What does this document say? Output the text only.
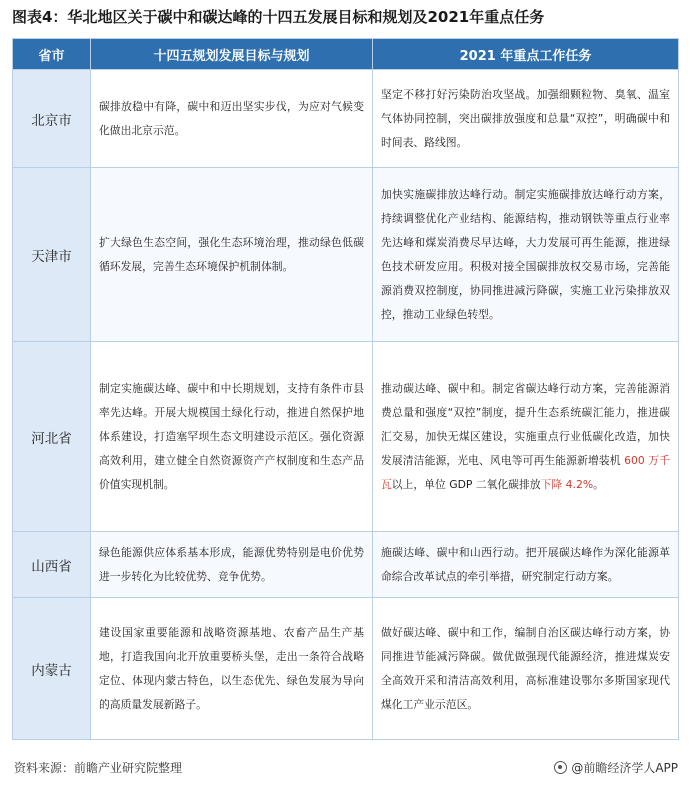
图表4：华北地区关于碳中和碳达峰的十四五发展目标和规划及2021年重点任务
省市	十四五规划发展目标与规划	2021 年重点工作任务
北京市	碳排放稳中有降，碳中和迈出坚实步伐，为应对气候变化做出北京示范。	坚定不移打好污染防治攻坚战。加强细颗粒物、臭氧、温室气体协同控制，突出碳排放强度和总量“双控”，明确碳中和时间表、路线图。
天津市	扩大绿色生态空间，强化生态环境治理，推动绿色低碳循环发展，完善生态环境保护机制体制。	加快实施碳排放达峰行动。制定实施碳排放达峰行动方案，持续调整优化产业结构、能源结构，推动钢铁等重点行业率先达峰和煤炭消费尽早达峰，大力发展可再生能源，推进绿色技术研发应用。积极对接全国碳排放权交易市场，完善能源消费双控制度，协同推进减污降碳，实施工业污染排放双控，推动工业绿色转型。
河北省	制定实施碳达峰、碳中和中长期规划，支持有条件市县率先达峰。开展大规模国土绿化行动，推进自然保护地体系建设，打造塞罕坝生态文明建设示范区。强化资源高效利用，建立健全自然资源资产产权制度和生态产品价值实现机制。	推动碳达峰、碳中和。制定省碳达峰行动方案，完善能源消费总量和强度“双控”制度，提升生态系统碳汇能力，推进碳汇交易，加快无煤区建设，实施重点行业低碳化改造，加快发展清洁能源，光电、风电等可再生能源新增装机 600 万千瓦以上，单位 GDP 二氧化碳排放下降 4.2%。
山西省	绿色能源供应体系基本形成，能源优势特别是电价优势进一步转化为比较优势、竞争优势。	施碳达峰、碳中和山西行动。把开展碳达峰作为深化能源革命综合改革试点的牵引举措，研究制定行动方案。
内蒙古	建设国家重要能源和战略资源基地、农畜产品生产基地，打造我国向北开放重要桥头堡，走出一条符合战略定位、体现内蒙古特色，以生态优先、绿色发展为导向的高质量发展新路子。	做好碳达峰、碳中和工作，编制自治区碳达峰行动方案，协同推进节能减污降碳。做优做强现代能源经济，推进煤炭安全高效开采和清洁高效利用，高标准建设鄂尔多斯国家现代煤化工产业示范区。
资料来源：前瞻产业研究院整理	@前瞻经济学人APP
